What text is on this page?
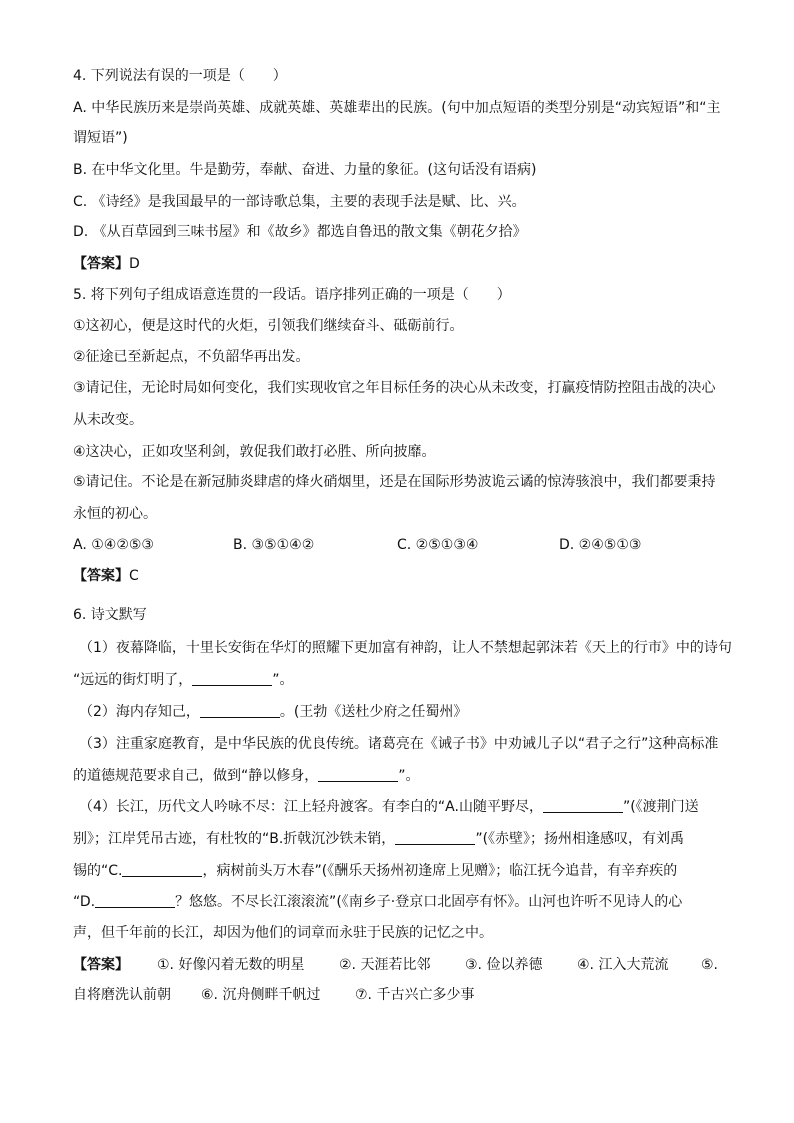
4. 下列说法有误的一项是（　　）
A. 中华民族历来是崇尚英雄、成就英雄、英雄辈出的民族。(句中加点短语的类型分别是“动宾短语”和“主
谓短语”)
B. 在中华文化里。牛是勤劳，奉献、奋进、力量的象征。(这句话没有语病)
C. 《诗经》是我国最早的一部诗歌总集，主要的表现手法是赋、比、兴。
D. 《从百草园到三味书屋》和《故乡》都选自鲁迅的散文集《朝花夕拾》
【答案】D
5. 将下列句子组成语意连贯的一段话。语序排列正确的一项是（　　）
①这初心，便是这时代的火炬，引领我们继续奋斗、砥砺前行。
②征途已至新起点，不负韶华再出发。
③请记住，无论时局如何变化，我们实现收官之年目标任务的决心从未改变，打赢疫情防控阻击战的决心
从未改变。
④这决心，正如攻坚利剑，敦促我们敢打必胜、所向披靡。
⑤请记住。不论是在新冠肺炎肆虐的烽火硝烟里，还是在国际形势波诡云谲的惊涛骇浪中，我们都要秉持
永恒的初心。
A. ①④②⑤③	B. ③⑤①④②	C. ②⑤①③④	D. ②④⑤①③
【答案】C
6. 诗文默写
（1）夜幕降临，十里长安街在华灯的照耀下更加富有神韵，让人不禁想起郭沫若《天上的行市》中的诗句
“远远的街灯明了，	”。
（2）海内存知己，	。(王勃《送杜少府之任蜀州》
（3）注重家庭教育，是中华民族的优良传统。诸葛亮在《诫子书》中劝诫儿子以“君子之行”这种高标准
的道德规范要求自己，做到“静以修身，	”。
（4）长江，历代文人吟咏不尽：江上轻舟渡客。有李白的“A.山随平野尽，	”(《渡荆门送
别》；江岸凭吊古迹，有杜牧的“B.折戟沉沙铁未销，	”(《赤壁》；扬州相逢感叹，有刘禹
锡的“C.	，病树前头万木春”(《酬乐天扬州初逢席上见赠》；临江抚今追昔，有辛弃疾的
“D.	？悠悠。不尽长江滚滚流”(《南乡子·登京口北固亭有怀》。山河也许听不见诗人的心
声，但千年前的长江，却因为他们的词章而永驻于民族的记忆之中。
【答案】 ①. 好像闪着无数的明星 ②. 天涯若比邻 ③. 俭以养德 ④. 江入大荒流 ⑤.
自将磨洗认前朝 ⑥. 沉舟侧畔千帆过 ⑦. 千古兴亡多少事
